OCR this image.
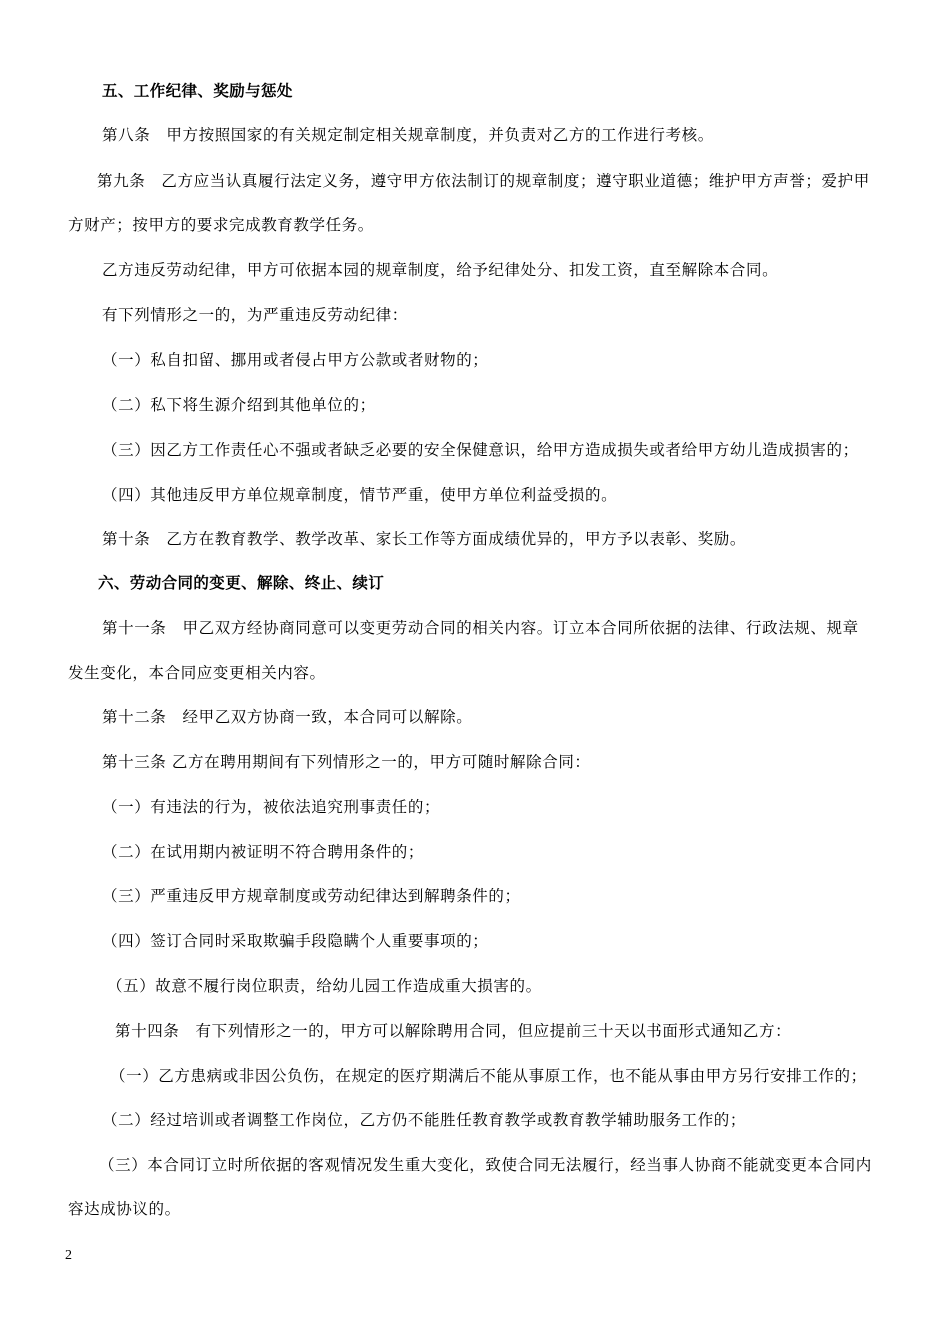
五、工作纪律、奖励与惩处
第八条　甲方按照国家的有关规定制定相关规章制度，并负责对乙方的工作进行考核。
第九条　乙方应当认真履行法定义务，遵守甲方依法制订的规章制度；遵守职业道德；维护甲方声誉；爱护甲
方财产；按甲方的要求完成教育教学任务。
乙方违反劳动纪律，甲方可依据本园的规章制度，给予纪律处分、扣发工资，直至解除本合同。
有下列情形之一的，为严重违反劳动纪律：
（一）私自扣留、挪用或者侵占甲方公款或者财物的；
（二）私下将生源介绍到其他单位的；
（三）因乙方工作责任心不强或者缺乏必要的安全保健意识，给甲方造成损失或者给甲方幼儿造成损害的；
（四）其他违反甲方单位规章制度，情节严重，使甲方单位利益受损的。
第十条　乙方在教育教学、教学改革、家长工作等方面成绩优异的，甲方予以表彰、奖励。
六、劳动合同的变更、解除、终止、续订
第十一条　甲乙双方经协商同意可以变更劳动合同的相关内容。订立本合同所依据的法律、行政法规、规章
发生变化，本合同应变更相关内容。
第十二条　经甲乙双方协商一致，本合同可以解除。
第十三条 乙方在聘用期间有下列情形之一的，甲方可随时解除合同：
（一）有违法的行为，被依法追究刑事责任的；
（二）在试用期内被证明不符合聘用条件的；
（三）严重违反甲方规章制度或劳动纪律达到解聘条件的；
（四）签订合同时采取欺骗手段隐瞒个人重要事项的；
（五）故意不履行岗位职责，给幼儿园工作造成重大损害的。
第十四条　有下列情形之一的，甲方可以解除聘用合同，但应提前三十天以书面形式通知乙方：
（一）乙方患病或非因公负伤，在规定的医疗期满后不能从事原工作，也不能从事由甲方另行安排工作的；
（二）经过培训或者调整工作岗位，乙方仍不能胜任教育教学或教育教学辅助服务工作的；
（三）本合同订立时所依据的客观情况发生重大变化，致使合同无法履行，经当事人协商不能就变更本合同内
容达成协议的。
2
